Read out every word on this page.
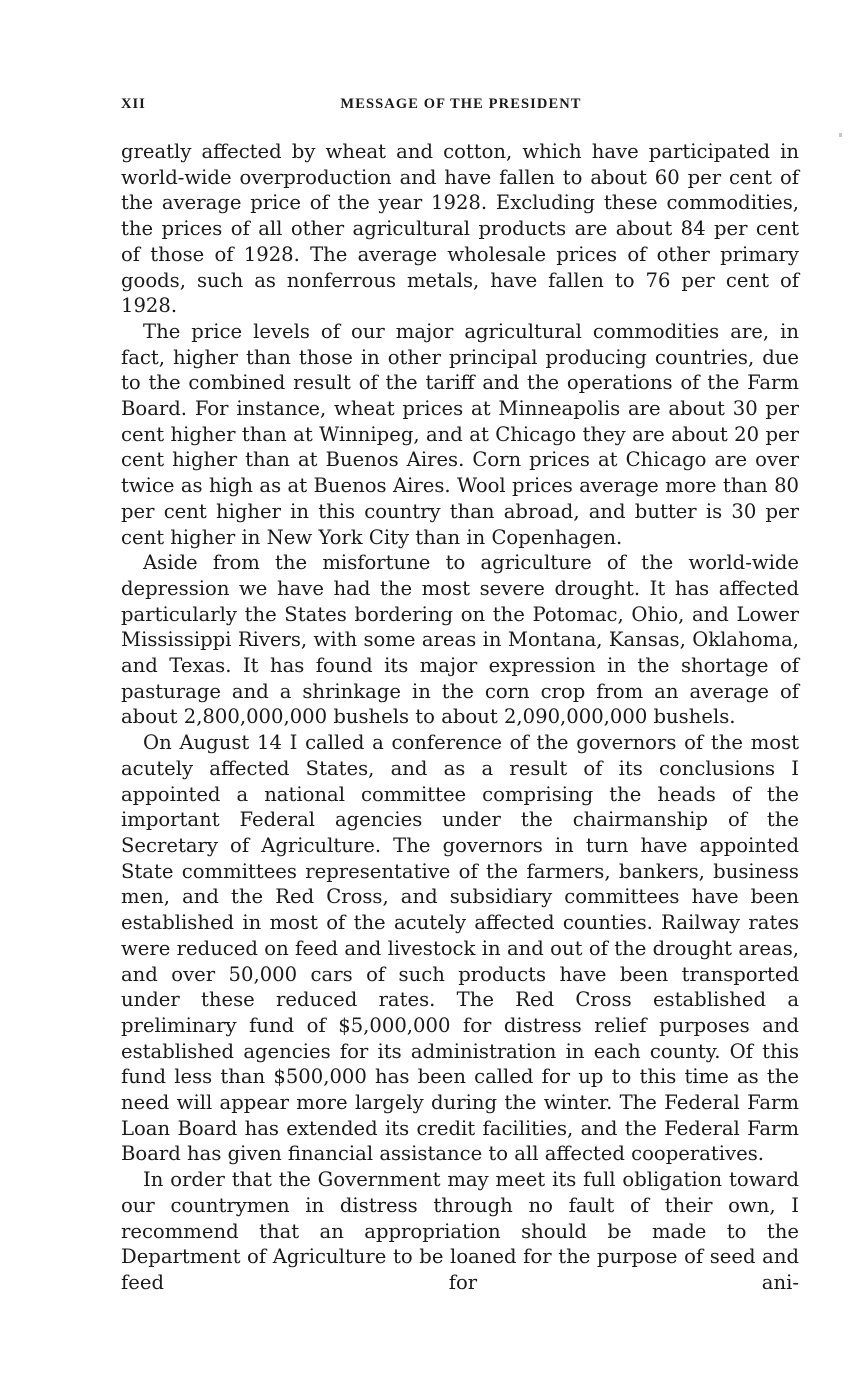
XII	MESSAGE OF THE PRESIDENT

greatly affected by wheat and cotton, which have participated in world-wide overproduction and have fallen to about 60 per cent of the average price of the year 1928. Excluding these commodities, the prices of all other agricultural products are about 84 per cent of those of 1928. The average wholesale prices of other primary goods, such as nonferrous metals, have fallen to 76 per cent of 1928.

The price levels of our major agricultural commodities are, in fact, higher than those in other principal producing countries, due to the combined result of the tariff and the operations of the Farm Board. For instance, wheat prices at Minneapolis are about 30 per cent higher than at Winnipeg, and at Chicago they are about 20 per cent higher than at Buenos Aires. Corn prices at Chicago are over twice as high as at Buenos Aires. Wool prices average more than 80 per cent higher in this country than abroad, and butter is 30 per cent higher in New York City than in Copenhagen.

Aside from the misfortune to agriculture of the world-wide depression we have had the most severe drought. It has affected particularly the States bordering on the Potomac, Ohio, and Lower Mississippi Rivers, with some areas in Montana, Kansas, Oklahoma, and Texas. It has found its major expression in the shortage of pasturage and a shrinkage in the corn crop from an average of about 2,800,000,000 bushels to about 2,090,000,000 bushels.

On August 14 I called a conference of the governors of the most acutely affected States, and as a result of its conclusions I appointed a national committee comprising the heads of the important Federal agencies under the chairmanship of the Secretary of Agriculture. The governors in turn have appointed State committees representative of the farmers, bankers, business men, and the Red Cross, and subsidiary committees have been established in most of the acutely affected counties. Railway rates were reduced on feed and livestock in and out of the drought areas, and over 50,000 cars of such products have been transported under these reduced rates. The Red Cross established a preliminary fund of $5,000,000 for distress relief purposes and established agencies for its administration in each county. Of this fund less than $500,000 has been called for up to this time as the need will appear more largely during the winter. The Federal Farm Loan Board has extended its credit facilities, and the Federal Farm Board has given financial assistance to all affected cooperatives.

In order that the Government may meet its full obligation toward our countrymen in distress through no fault of their own, I recommend that an appropriation should be made to the Department of Agriculture to be loaned for the purpose of seed and feed for ani-
